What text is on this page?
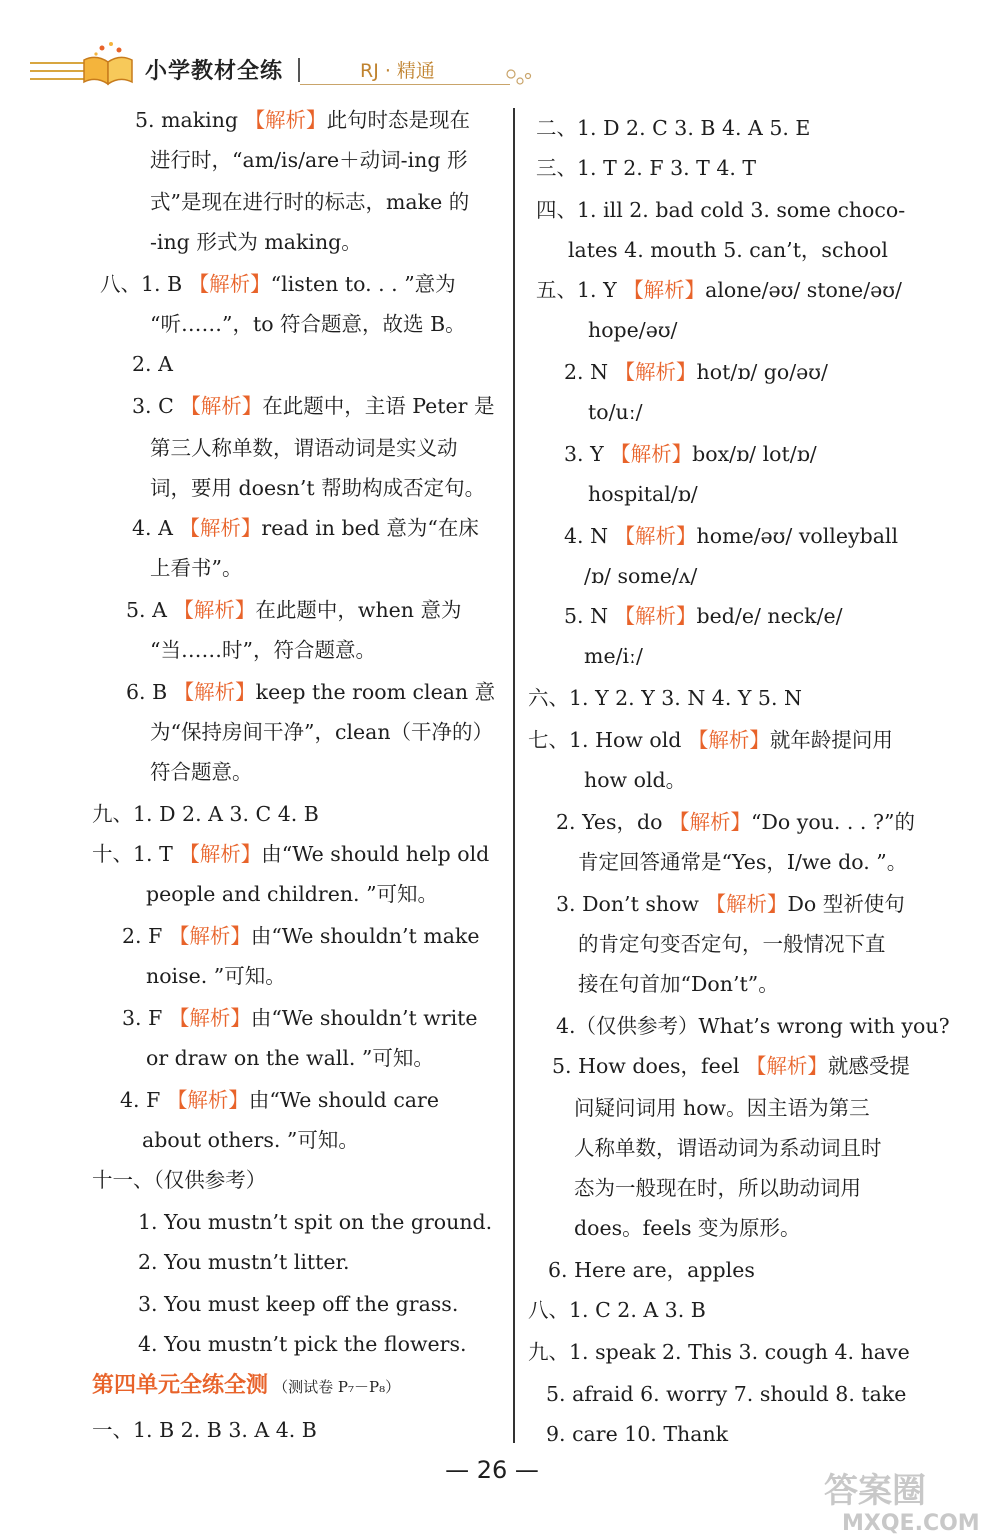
小学教材全练	RJ · 精通
5. making 【解析】此句时态是现在
进行时，“am/is/are＋动词-ing 形
式”是现在进行时的标志，make 的
-ing 形式为 making。
八、1. B 【解析】“listen to. . . ”意为
“听……”，to 符合题意，故选 B。
2. A
3. C 【解析】在此题中，主语 Peter 是
第三人称单数，谓语动词是实义动
词，要用 doesn’t 帮助构成否定句。
4. A 【解析】read in bed 意为“在床
上看书”。
5. A 【解析】在此题中，when 意为
“当……时”，符合题意。
6. B 【解析】keep the room clean 意
为“保持房间干净”，clean（干净的）
符合题意。
九、1. D 2. A 3. C 4. B
十、1. T 【解析】由“We should help old
people and children. ”可知。
2. F 【解析】由“We shouldn’t make
noise. ”可知。
3. F 【解析】由“We shouldn’t write
or draw on the wall. ”可知。
4. F 【解析】由“We should care
about others. ”可知。
十一、（仅供参考）
1. You mustn’t spit on the ground.
2. You mustn’t litter.
3. You must keep off the grass.
4. You mustn’t pick the flowers.
一、1. B 2. B 3. A 4. B
二、1. D 2. C 3. B 4. A 5. E
三、1. T 2. F 3. T 4. T
四、1. ill 2. bad cold 3. some choco-
lates 4. mouth 5. can’t，school
五、1. Y 【解析】alone/əʊ/ stone/əʊ/
hope/əʊ/
2. N 【解析】hot/ɒ/ go/əʊ/
to/uː/
3. Y 【解析】box/ɒ/ lot/ɒ/
hospital/ɒ/
4. N 【解析】home/əʊ/ volleyball
/ɒ/ some/ʌ/
5. N 【解析】bed/e/ neck/e/
me/iː/
六、1. Y 2. Y 3. N 4. Y 5. N
七、1. How old 【解析】就年龄提问用
how old。
2. Yes，do 【解析】“Do you. . . ?”的
肯定回答通常是“Yes，I/we do. ”。
3. Don’t show 【解析】Do 型祈使句
的肯定句变否定句，一般情况下直
接在句首加“Don’t”。
4.（仅供参考）What’s wrong with you?
5. How does，feel 【解析】就感受提
问疑问词用 how。因主语为第三
人称单数，谓语动词为系动词且时
态为一般现在时，所以助动词用
does。feels 变为原形。
6. Here are，apples
八、1. C 2. A 3. B
九、1. speak 2. This 3. cough 4. have
5. afraid 6. worry 7. should 8. take
9. care 10. Thank
第四单元全练全测 （测试卷 P₇－P₈）
— 26 —
答案圈
MXQE.COM
